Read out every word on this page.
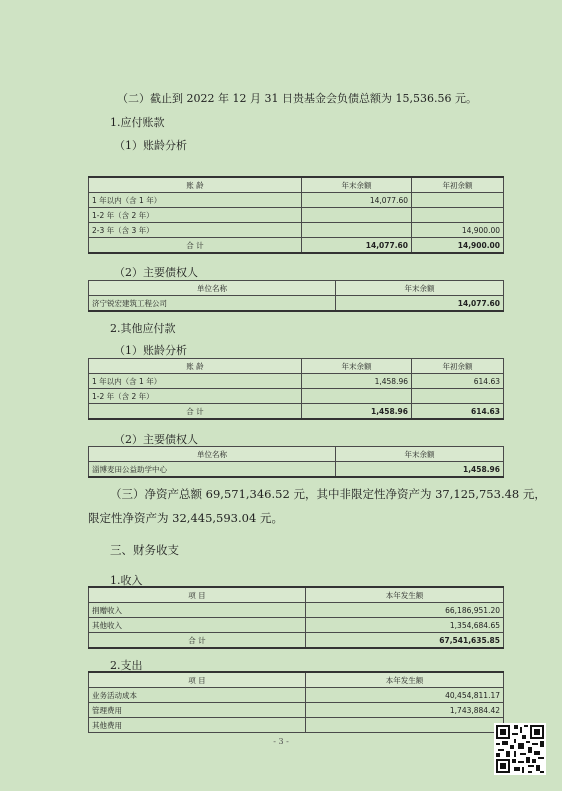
（二）截止到 2022 年 12 月 31 日贵基金会负债总额为 15,536.56 元。
1.应付账款
（1）账龄分析
账 龄	年末余额	年初余额
1 年以内（含 1 年）	14,077.60	
1-2 年（含 2 年）		
2-3 年（含 3 年）		14,900.00
合 计	14,077.60	14,900.00
（2）主要债权人
单位名称	年末余额
济宁锐宏建筑工程公司	14,077.60
2.其他应付款
（1）账龄分析
账 龄	年末余额	年初余额
1 年以内（含 1 年）	1,458.96	614.63
1-2 年（含 2 年）		
合 计	1,458.96	614.63
（2）主要债权人
单位名称	年末余额
淄博麦田公益助学中心	1,458.96
（三）净资产总额 69,571,346.52 元，其中非限定性净资产为 37,125,753.48 元，
限定性净资产为 32,445,593.04 元。
三、财务收支
1.收入
项 目	本年发生额
捐赠收入	66,186,951.20
其他收入	1,354,684.65
合 计	67,541,635.85
2.支出
项 目	本年发生额
业务活动成本	40,454,811.17
管理费用	1,743,884.42
其他费用	
- 3 -
